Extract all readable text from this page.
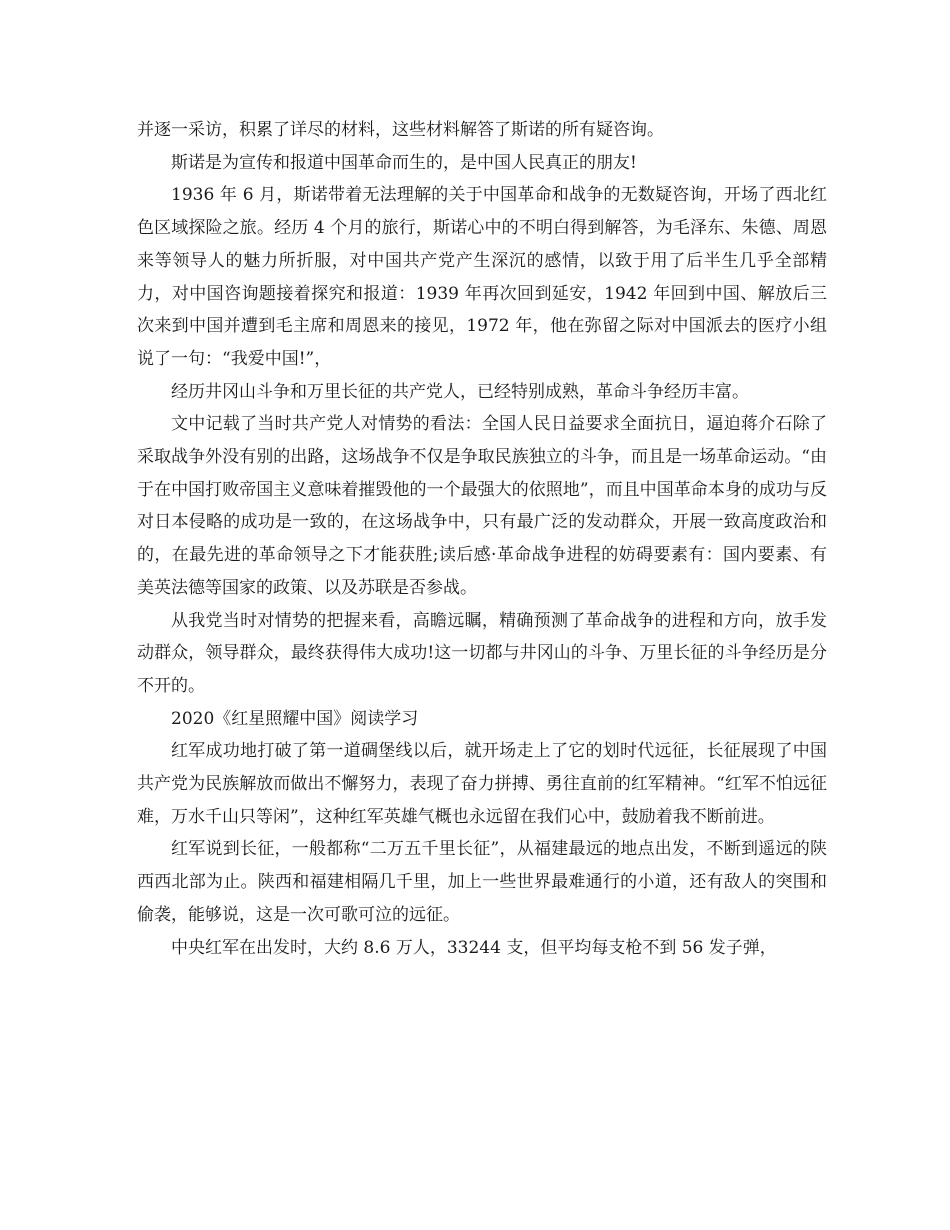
并逐一采访，积累了详尽的材料，这些材料解答了斯诺的所有疑咨询。

斯诺是为宣传和报道中国革命而生的，是中国人民真正的朋友!

1936 年 6 月，斯诺带着无法理解的关于中国革命和战争的无数疑咨询，开场了西北红色区域探险之旅。经历 4 个月的旅行，斯诺心中的不明白得到解答，为毛泽东、朱德、周恩来等领导人的魅力所折服，对中国共产党产生深沉的感情，以致于用了后半生几乎全部精力，对中国咨询题接着探究和报道：1939 年再次回到延安，1942 年回到中国、解放后三次来到中国并遭到毛主席和周恩来的接见，1972 年，他在弥留之际对中国派去的医疗小组说了一句：“我爱中国!”，

经历井冈山斗争和万里长征的共产党人，已经特别成熟，革命斗争经历丰富。

文中记载了当时共产党人对情势的看法：全国人民日益要求全面抗日，逼迫蒋介石除了采取战争外没有别的出路，这场战争不仅是争取民族独立的斗争，而且是一场革命运动。“由于在中国打败帝国主义意味着摧毁他的一个最强大的依照地”，而且中国革命本身的成功与反对日本侵略的成功是一致的，在这场战争中，只有最广泛的发动群众，开展一致高度政治和的，在最先进的革命领导之下才能获胜;读后感·革命战争进程的妨碍要素有：国内要素、有美英法德等国家的政策、以及苏联是否参战。

从我党当时对情势的把握来看，高瞻远瞩，精确预测了革命战争的进程和方向，放手发动群众，领导群众，最终获得伟大成功!这一切都与井冈山的斗争、万里长征的斗争经历是分不开的。

2020《红星照耀中国》阅读学习

红军成功地打破了第一道碉堡线以后，就开场走上了它的划时代远征，长征展现了中国共产党为民族解放而做出不懈努力，表现了奋力拼搏、勇往直前的红军精神。“红军不怕远征难，万水千山只等闲”，这种红军英雄气概也永远留在我们心中，鼓励着我不断前进。

红军说到长征，一般都称“二万五千里长征”，从福建最远的地点出发，不断到遥远的陕西西北部为止。陕西和福建相隔几千里，加上一些世界最难通行的小道，还有敌人的突围和偷袭，能够说，这是一次可歌可泣的远征。

中央红军在出发时，大约 8.6 万人，33244 支，但平均每支枪不到 56 发子弹，
